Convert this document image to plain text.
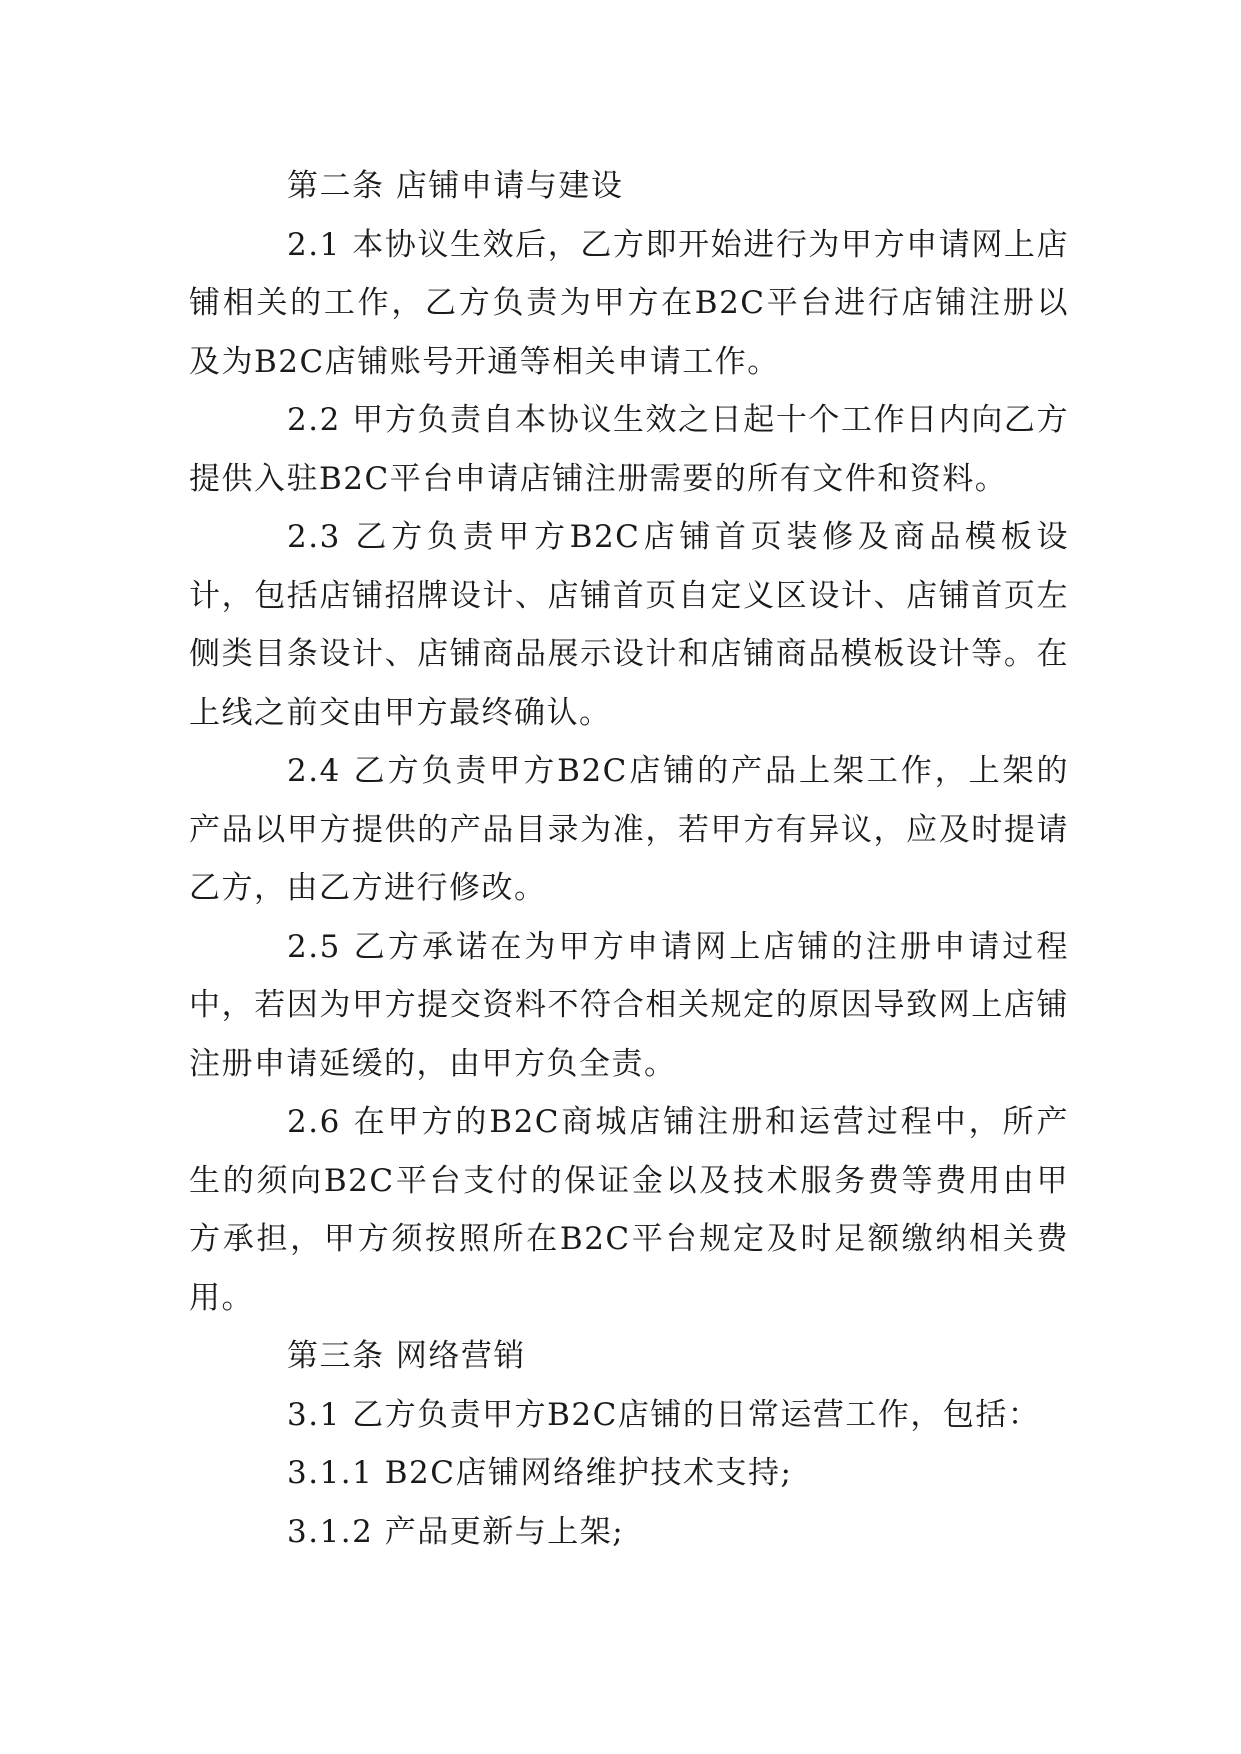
第二条 店铺申请与建设

2.1 本协议生效后，乙方即开始进行为甲方申请网上店铺相关的工作，乙方负责为甲方在B2C平台进行店铺注册以及为B2C店铺账号开通等相关申请工作。

2.2 甲方负责自本协议生效之日起十个工作日内向乙方提供入驻B2C平台申请店铺注册需要的所有文件和资料。

2.3 乙方负责甲方B2C店铺首页装修及商品模板设计，包括店铺招牌设计、店铺首页自定义区设计、店铺首页左侧类目条设计、店铺商品展示设计和店铺商品模板设计等。在上线之前交由甲方最终确认。

2.4 乙方负责甲方B2C店铺的产品上架工作，上架的产品以甲方提供的产品目录为准，若甲方有异议，应及时提请乙方，由乙方进行修改。

2.5 乙方承诺在为甲方申请网上店铺的注册申请过程中，若因为甲方提交资料不符合相关规定的原因导致网上店铺注册申请延缓的，由甲方负全责。

2.6 在甲方的B2C商城店铺注册和运营过程中，所产生的须向B2C平台支付的保证金以及技术服务费等费用由甲方承担，甲方须按照所在B2C平台规定及时足额缴纳相关费用。

第三条 网络营销

3.1 乙方负责甲方B2C店铺的日常运营工作，包括：

3.1.1 B2C店铺网络维护技术支持;

3.1.2 产品更新与上架;
